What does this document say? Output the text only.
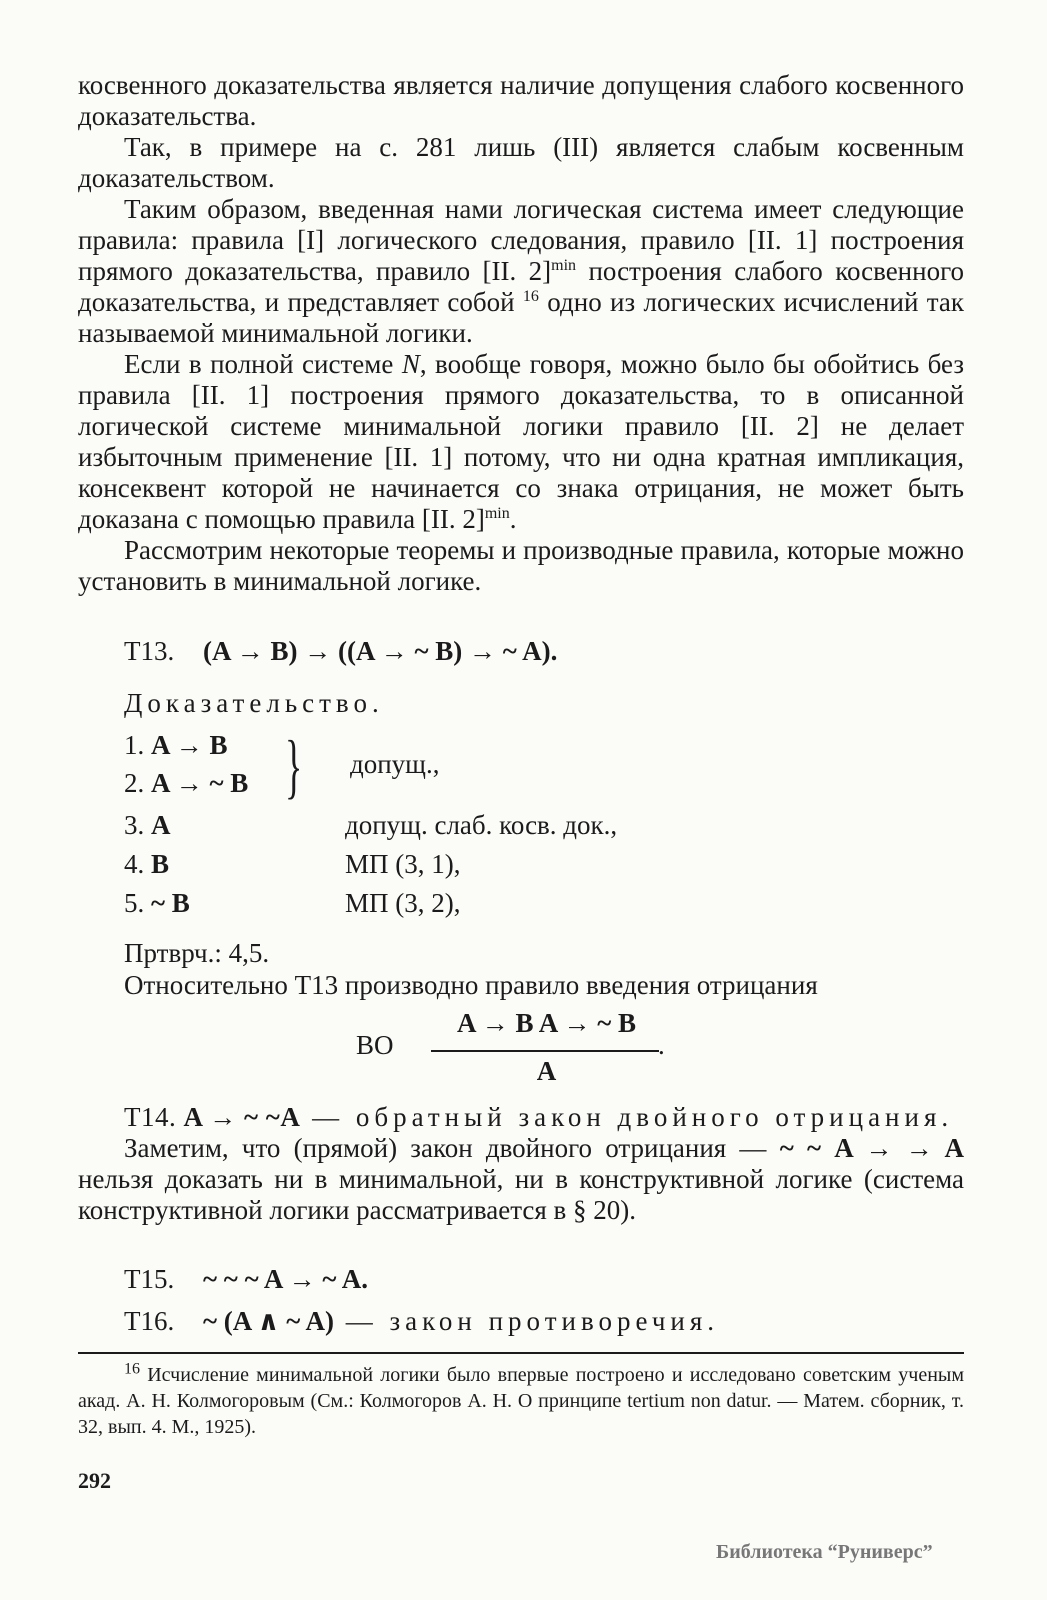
косвенного доказательства является наличие допущения слабого косвенного доказательства.

Так, в примере на с. 281 лишь (III) является слабым косвенным доказательством.

Таким образом, введенная нами логическая система имеет следующие правила: правила [I] логического следования, правило [II. 1] построения прямого доказательства, правило [II. 2]$^{min}$ построения слабого косвенного доказательства, и представляет собой $^{16}$ одно из логических исчислений так называемой минимальной логики.

Если в полной системе N, вообще говоря, можно было бы обойтись без правила [II. 1] построения прямого доказательства, то в описанной логической системе минимальной логики правило [II. 2] не делает избыточным применение [II. 1] потому, что ни одна кратная импликация, консеквент которой не начинается со знака отрицания, не может быть доказана с помощью правила [II. 2]$^{min}$.

Рассмотрим некоторые теоремы и производные правила, которые можно установить в минимальной логике.

T13. (A → B) → ((A → ~ B) → ~ A).
Доказательство.
1. A → B
2. A → ~ B } допущ.,
3. A	допущ. слаб. косв. док.,
4. B	МП (3, 1),
5. ~ B	МП (3, 2),
Пртврч.: 4,5.
Относительно T13 производно правило введения отрицания
ВО
A → B A → ~ B
.
A

T14. A → ~ ~A — обратный закон двойного отрицания.

Заметим, что (прямой) закон двойного отрицания — ~ ~ A → → A нельзя доказать ни в минимальной, ни в конструктивной логике (система конструктивной логики рассматривается в § 20).

T15. ~ ~ ~ A → ~ A.
T16. ~ (A ∧ ~ A) — закон противоречия.

$^{16}$ Исчисление минимальной логики было впервые построено и исследовано советским ученым акад. А. Н. Колмогоровым (См.: Колмогоров А. Н. О принципе tertium non datur. — Матем. сборник, т. 32, вып. 4. М., 1925).

292
Библиотека “Руниверс”
